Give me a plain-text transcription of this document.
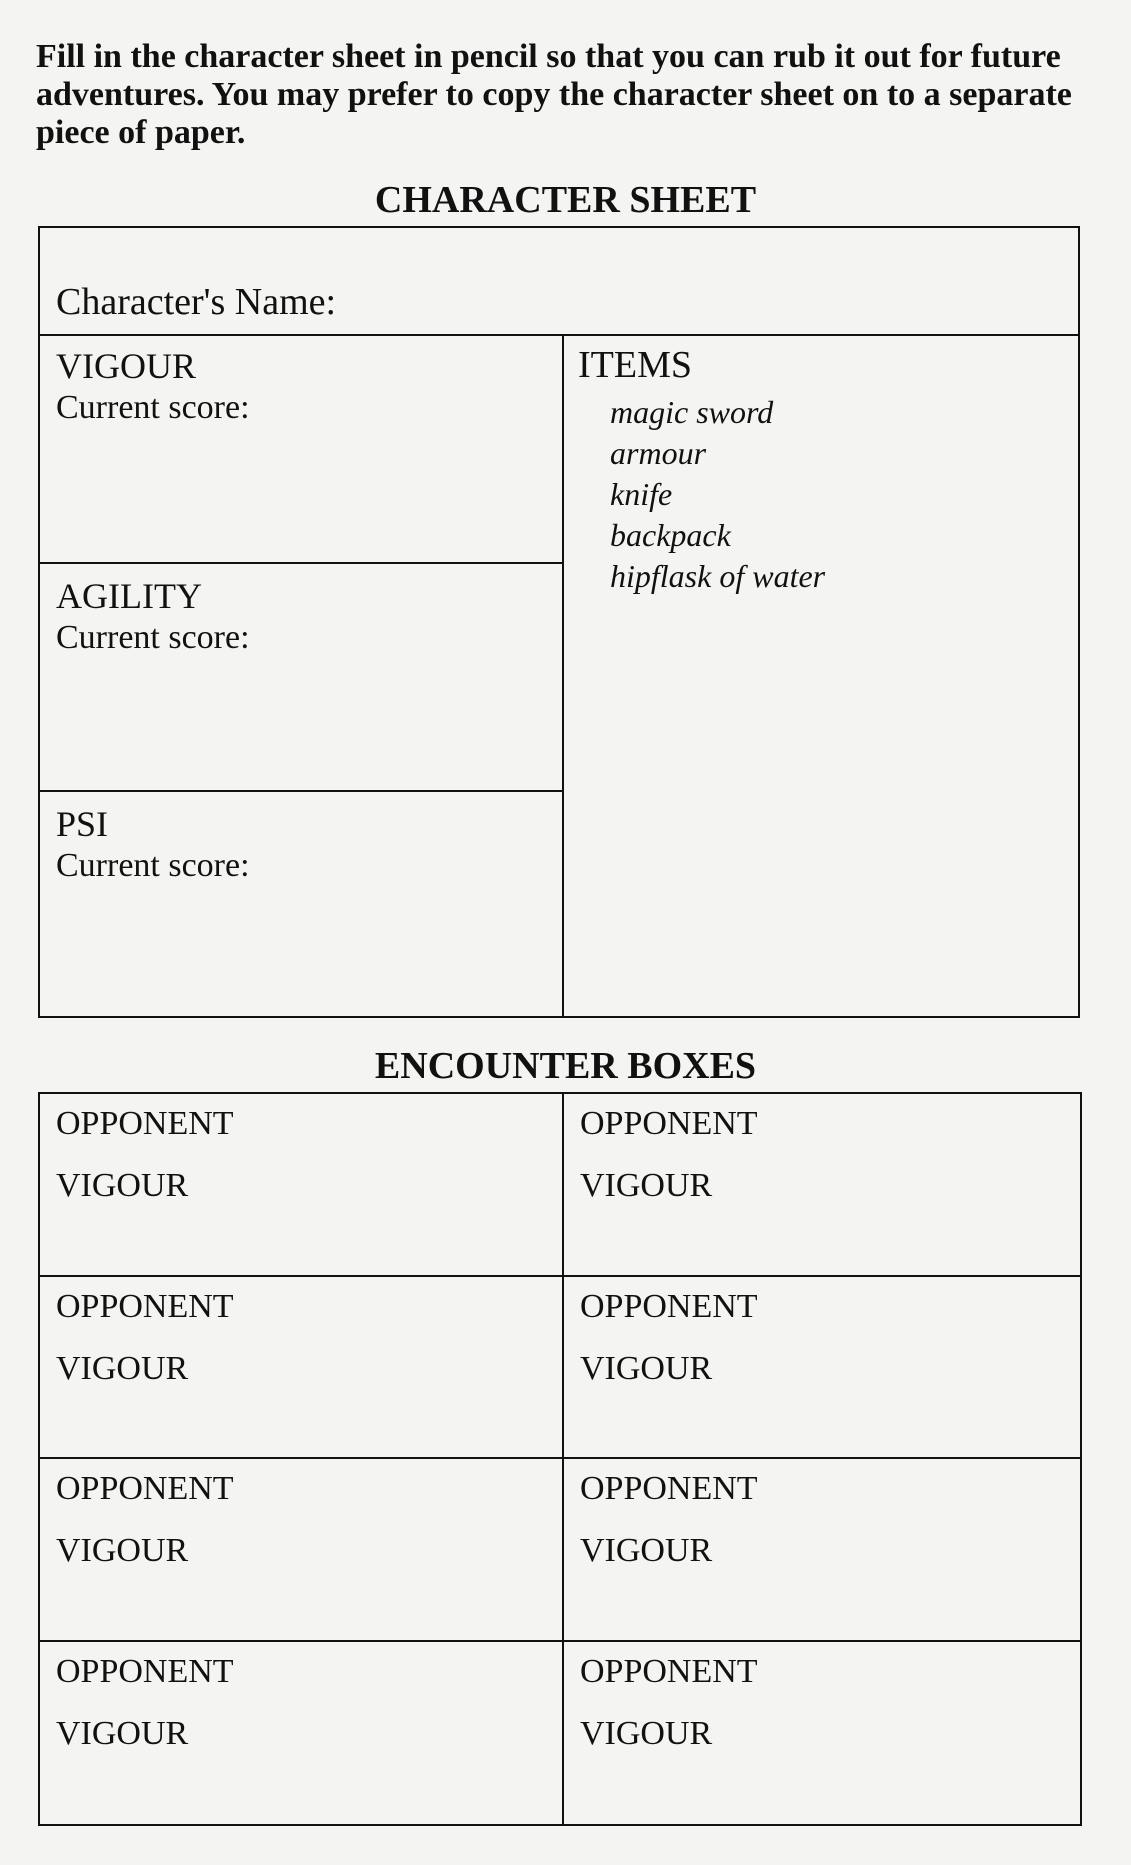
Fill in the character sheet in pencil so that you can rub it out for future adventures. You may prefer to copy the character sheet on to a separate piece of paper.

CHARACTER SHEET
Character's Name:
VIGOUR
Current score:
AGILITY
Current score:
PSI
Current score:
ITEMS
magic sword
armour
knife
backpack
hipflask of water
ENCOUNTER BOXES
OPPONENT
VIGOUR
OPPONENT
VIGOUR
OPPONENT
VIGOUR
OPPONENT
VIGOUR
OPPONENT
VIGOUR
OPPONENT
VIGOUR
OPPONENT
VIGOUR
OPPONENT
VIGOUR
